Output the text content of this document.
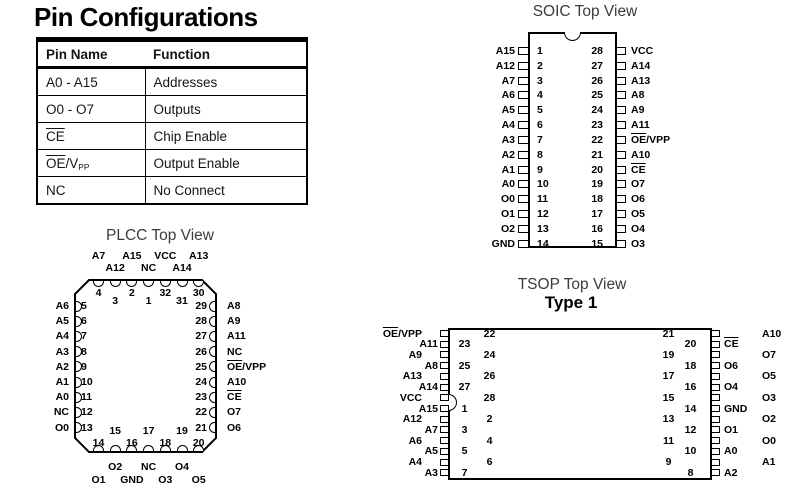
Pin Configurations
Pin Name	Function
A0 - A15	Addresses
O0 - O7	Outputs
$\overline{CE}$	Chip Enable
$\overline{OE}/V_{PP}$	Output Enable
NC	No Connect
SOIC Top View
A15 1	28	VCC
A12 2	27	A14
A7 3	26	A13
A6 4	25	A8
A5 5	24	A9
A4 6	23	A11
A3 7	22	$\overline{OE}$/VPP
A2 8	21	A10
A1 9	20	$\overline{CE}$
A0 10	19	O7
O0 11	18	O6
O1 12	17	O5
O2 13	16	O4
GND 14	15	O3
PLCC Top View
4
A7
3
A12
2
A15
1
NC
32
VCC
31
A14
30
A13
14
O1
15
O2
16
GND
17
NC
18
O3
19
O4
20
O5
5
A6
6
A5
7
A4
8
A3
9
A2
10
A1
11
A0
12
NC
13
O0
29 A8
28 A9
27 A11
26 NC
25 $\overline{OE}$/VPP
24 A10
23 $\overline{CE}$
22 O7
21 O6
TSOP Top View
Type 1
$\overline{OE}$/VPP	22	21	A10
A11	23	20	$\overline{CE}$
A9	24	19	O7
A8	25	18	O6
A13	26	17	O5
A14	27	16	O4
VCC	28	15	O3
A15	1	14	GND
A12	2	13	O2
A7	3	12	O1
A6	4	11	O0
A5	5	10	A0
A4	6	9	A1
A3	7	8	A2
